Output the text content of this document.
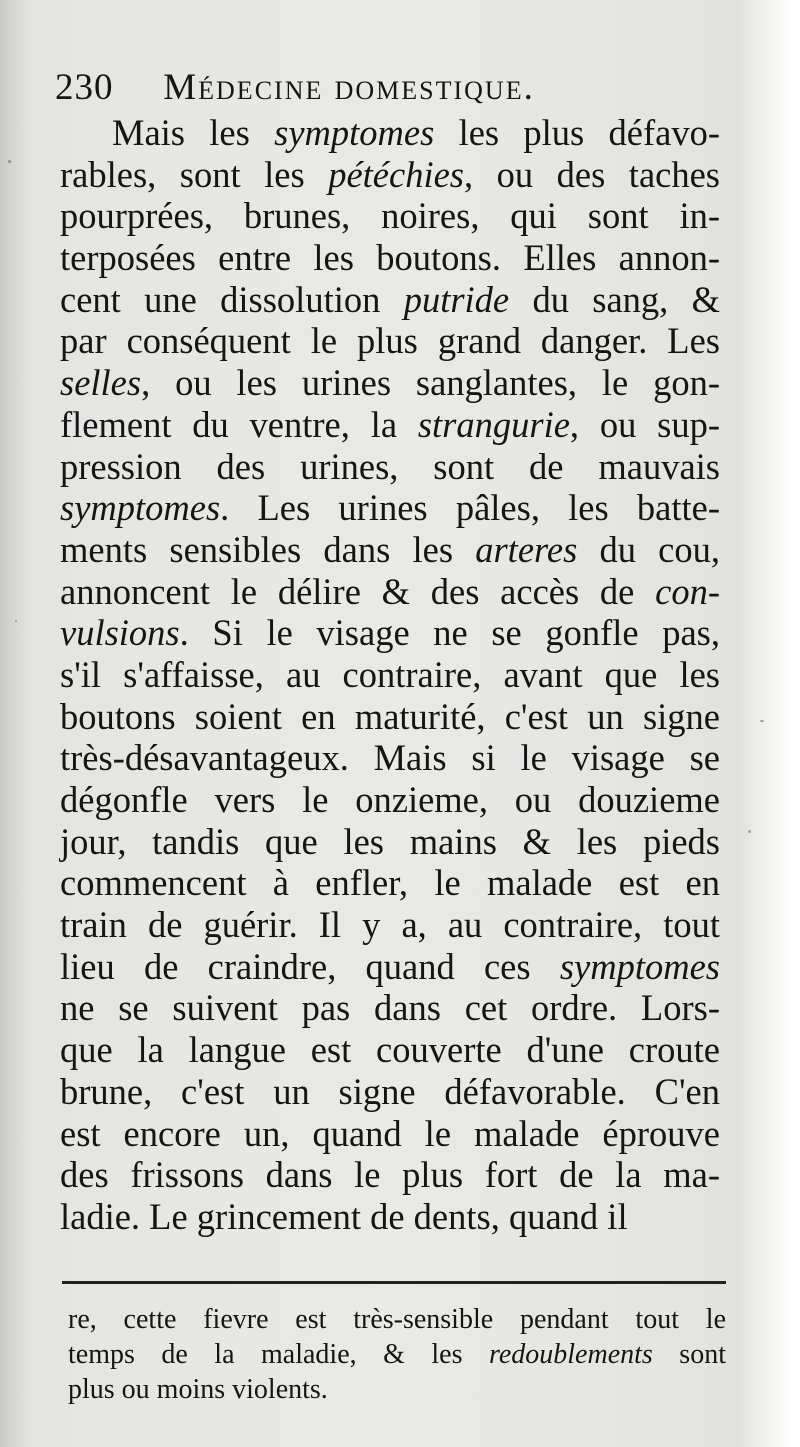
230 Médecine domestique.
Mais les symptomes les plus défavo-
rables, sont les pétéchies, ou des taches
pourprées, brunes, noires, qui sont in-
terposées entre les boutons. Elles annon-
cent une dissolution putride du sang, &
par conséquent le plus grand danger. Les
selles, ou les urines sanglantes, le gon-
flement du ventre, la strangurie, ou sup-
pression des urines, sont de mauvais
symptomes. Les urines pâles, les batte-
ments sensibles dans les arteres du cou,
annoncent le délire & des accès de con-
vulsions. Si le visage ne se gonfle pas,
s'il s'affaisse, au contraire, avant que les
boutons soient en maturité, c'est un signe
très-désavantageux. Mais si le visage se
dégonfle vers le onzieme, ou douzieme
jour, tandis que les mains & les pieds
commencent à enfler, le malade est en
train de guérir. Il y a, au contraire, tout
lieu de craindre, quand ces symptomes
ne se suivent pas dans cet ordre. Lors-
que la langue est couverte d'une croute
brune, c'est un signe défavorable. C'en
est encore un, quand le malade éprouve
des frissons dans le plus fort de la ma-
ladie. Le grincement de dents, quand il
re, cette fievre est très-sensible pendant tout le
temps de la maladie, & les redoublements sont
plus ou moins violents.
